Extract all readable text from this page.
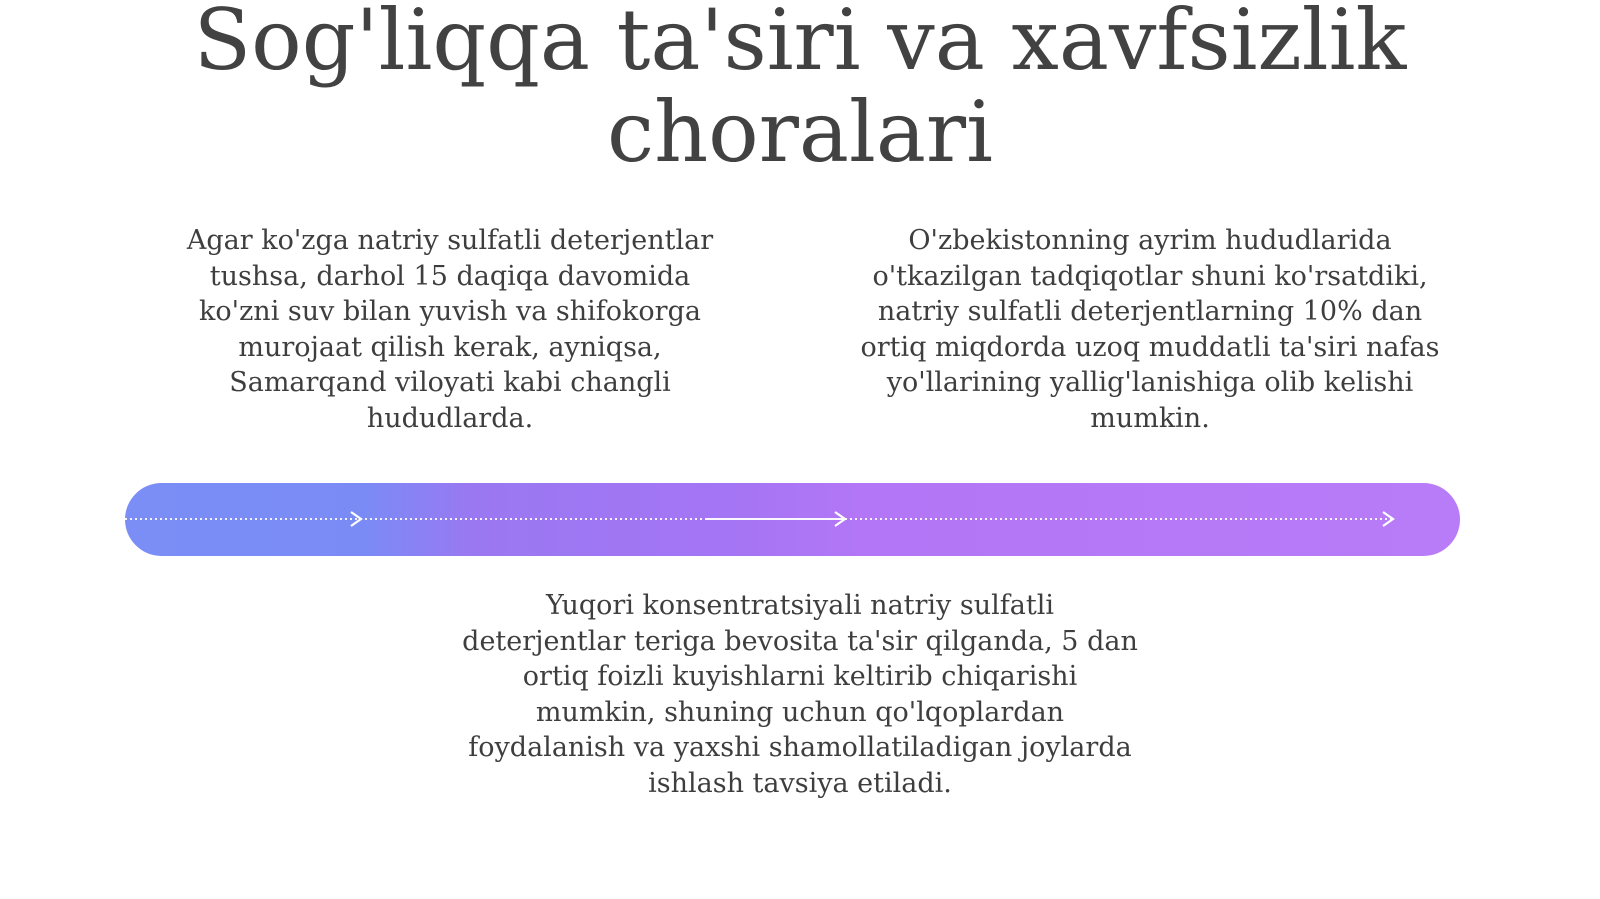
Sog'liqqa ta'siri va xavfsizlik
choralari
Agar ko'zga natriy sulfatli deterjentlar
tushsa, darhol 15 daqiqa davomida
ko'zni suv bilan yuvish va shifokorga
murojaat qilish kerak, ayniqsa,
Samarqand viloyati kabi changli
hududlarda.
O'zbekistonning ayrim hududlarida
o'tkazilgan tadqiqotlar shuni ko'rsatdiki,
natriy sulfatli deterjentlarning 10% dan
ortiq miqdorda uzoq muddatli ta'siri nafas
yo'llarining yallig'lanishiga olib kelishi
mumkin.
Yuqori konsentratsiyali natriy sulfatli
deterjentlar teriga bevosita ta'sir qilganda, 5 dan
ortiq foizli kuyishlarni keltirib chiqarishi
mumkin, shuning uchun qo'lqoplardan
foydalanish va yaxshi shamollatiladigan joylarda
ishlash tavsiya etiladi.
